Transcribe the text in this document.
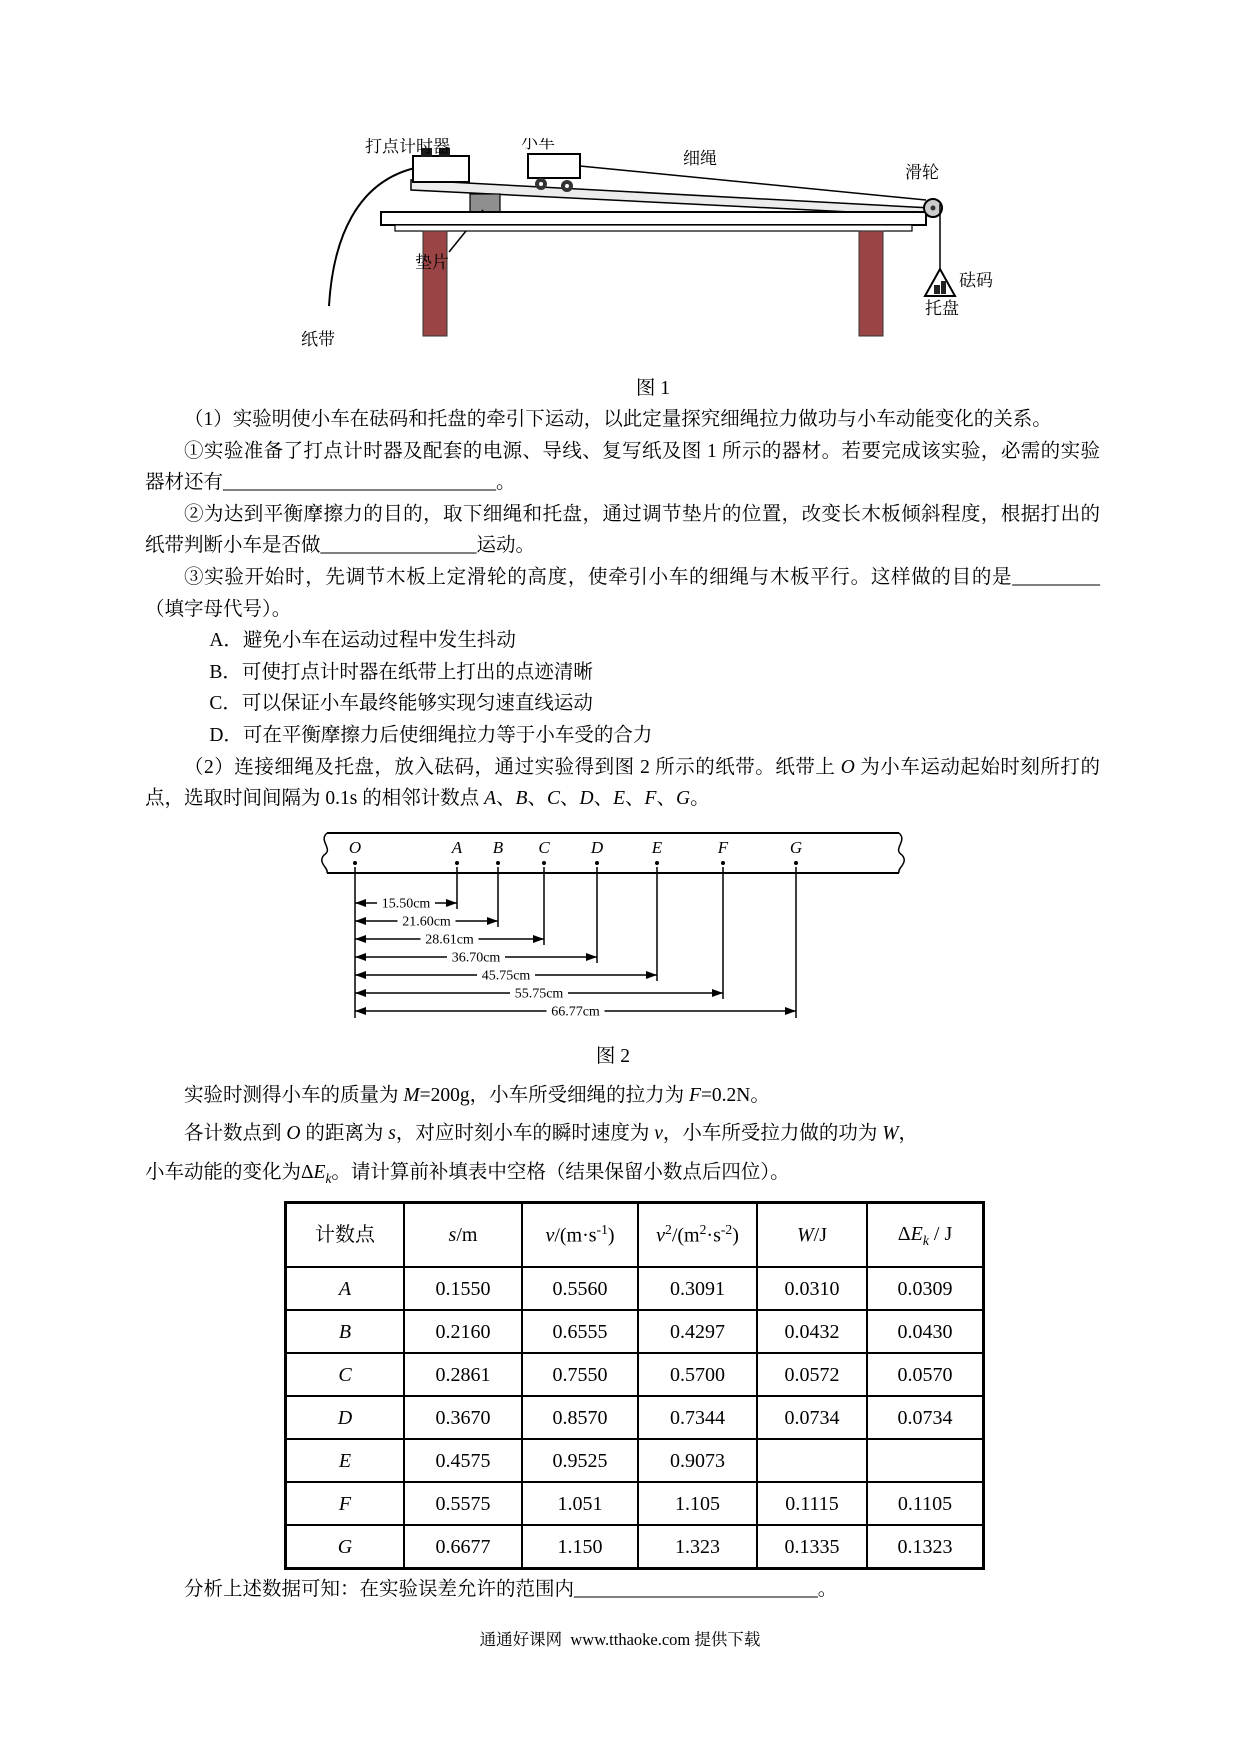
打点计时器	小车
细绳
滑轮
纸带
垫片
砝码
托盘
图 1

（1）实验明使小车在砝码和托盘的牵引下运动，以此定量探究细绳拉力做功与小车动能变化的关系。

①实验准备了打点计时器及配套的电源、导线、复写纸及图 1 所示的器材。若要完成该实验，必需的实验器材还有____________________________。

②为达到平衡摩擦力的目的，取下细绳和托盘，通过调节垫片的位置，改变长木板倾斜程度，根据打出的纸带判断小车是否做________________运动。

③实验开始时，先调节木板上定滑轮的高度，使牵引小车的细绳与木板平行。这样做的目的是_________（填字母代号）。

A．避免小车在运动过程中发生抖动

B．可使打点计时器在纸带上打出的点迹清晰

C．可以保证小车最终能够实现匀速直线运动

D．可在平衡摩擦力后使细绳拉力等于小车受的合力

（2）连接细绳及托盘，放入砝码，通过实验得到图 2 所示的纸带。纸带上 O 为小车运动起始时刻所打的点，选取时间间隔为 0.1s 的相邻计数点 A、B、C、D、E、F、G。

O	A B C D	E	F	G
15.50cm
21.60cm
28.61cm
36.70cm
45.75cm
55.75cm
66.77cm
图 2

实验时测得小车的质量为 M=200g，小车所受细绳的拉力为 F=0.2N。

各计数点到 O 的距离为 s，对应时刻小车的瞬时速度为 v，小车所受拉力做的功为 W，

小车动能的变化为$\Delta E_k$。请计算前补填表中空格（结果保留小数点后四位）。

计数点	s/m	$v/(m\cdot s^{-1})$	$v^2/(m^2\cdot s^{-2})$	W/J	$\Delta E_k$ / J
A	0.1550	0.5560	0.3091	0.0310	0.0309
B	0.2160	0.6555	0.4297	0.0432	0.0430
C	0.2861	0.7550	0.5700	0.0572	0.0570
D	0.3670	0.8570	0.7344	0.0734	0.0734
E	0.4575	0.9525	0.9073		
F	0.5575	1.051	1.105	0.1115	0.1105
G	0.6677	1.150	1.323	0.1335	0.1323

分析上述数据可知：在实验误差允许的范围内_________________________。

通通好课网  www.tthaoke.com 提供下载
